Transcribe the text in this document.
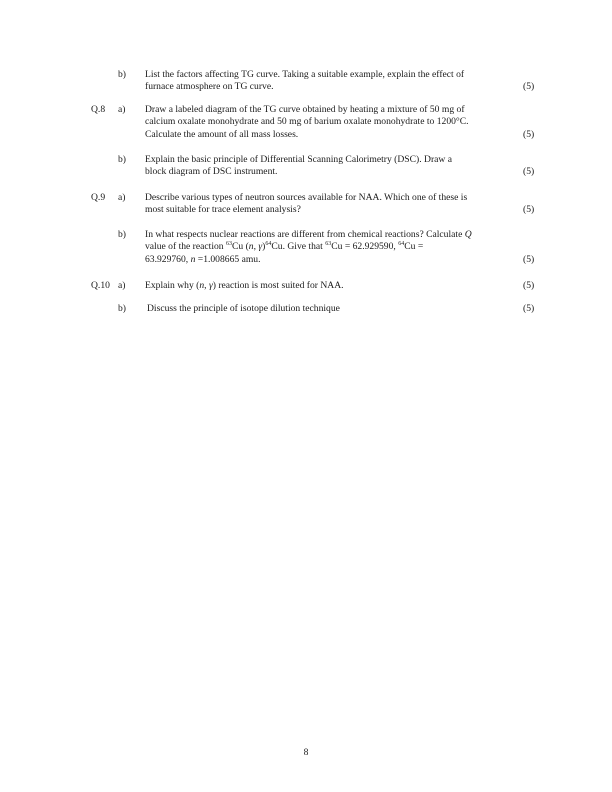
b) List the factors affecting TG curve. Taking a suitable example, explain the effect of
furnace atmosphere on TG curve.	(5)
Q.8 a) Draw a labeled diagram of the TG curve obtained by heating a mixture of 50 mg of
calcium oxalate monohydrate and 50 mg of barium oxalate monohydrate to 1200°C.
Calculate the amount of all mass losses.	(5)
b) Explain the basic principle of Differential Scanning Calorimetry (DSC). Draw a
block diagram of DSC instrument.	(5)
Q.9 a) Describe various types of neutron sources available for NAA. Which one of these is
most suitable for trace element analysis?	(5)
b) In what respects nuclear reactions are different from chemical reactions? Calculate Q
value of the reaction $^{63}$Cu (n, γ)$^{64}$Cu. Give that $^{63}$Cu = 62.929590, $^{64}$Cu =
63.929760, n =1.008665 amu.	(5)
Q.10 a) Explain why (n, γ) reaction is most suited for NAA.	(5)
b) Discuss the principle of isotope dilution technique	(5)
8
